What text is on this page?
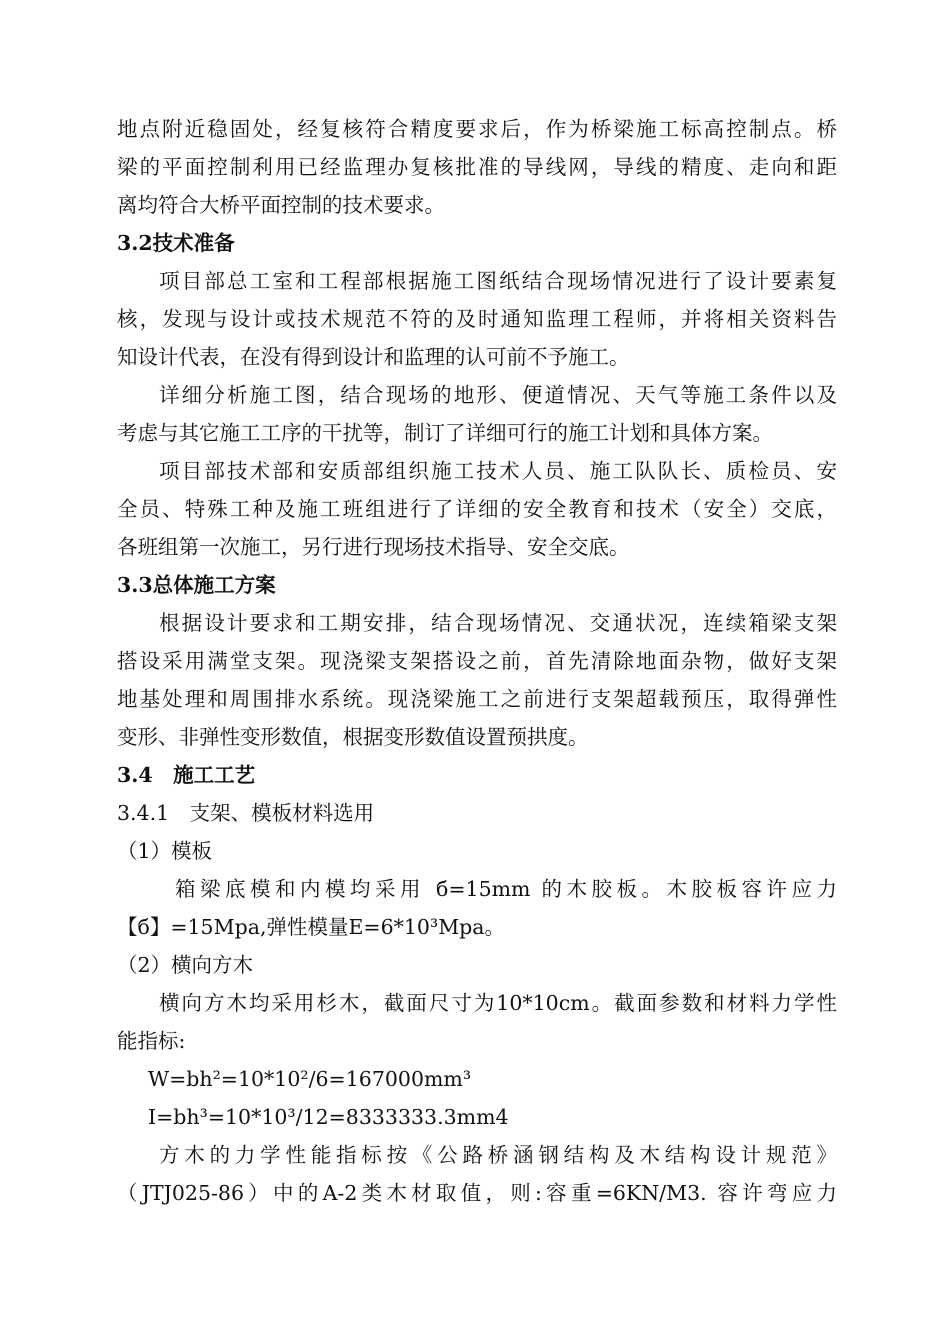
地点附近稳固处，经复核符合精度要求后，作为桥梁施工标高控制点。桥
梁的平面控制利用已经监理办复核批准的导线网，导线的精度、走向和距
离均符合大桥平面控制的技术要求。
3.2技术准备
项目部总工室和工程部根据施工图纸结合现场情况进行了设计要素复
核，发现与设计或技术规范不符的及时通知监理工程师，并将相关资料告
知设计代表，在没有得到设计和监理的认可前不予施工。
详细分析施工图，结合现场的地形、便道情况、天气等施工条件以及
考虑与其它施工工序的干扰等，制订了详细可行的施工计划和具体方案。
项目部技术部和安质部组织施工技术人员、施工队队长、质检员、安
全员、特殊工种及施工班组进行了详细的安全教育和技术（安全）交底，
各班组第一次施工，另行进行现场技术指导、安全交底。
3.3总体施工方案
根据设计要求和工期安排，结合现场情况、交通状况，连续箱梁支架
搭设采用满堂支架。现浇梁支架搭设之前，首先清除地面杂物，做好支架
地基处理和周围排水系统。现浇梁施工之前进行支架超载预压，取得弹性
变形、非弹性变形数值，根据变形数值设置预拱度。
3.4　施工工艺
3.4.1　支架、模板材料选用
（1）模板
箱梁底模和内模均采用 б=15mm 的木胶板。木胶板容许应力
【б】=15Mpa,弹性模量E=6*10³Mpa。
（2）横向方木
横向方木均采用杉木，截面尺寸为10*10cm。截面参数和材料力学性
能指标:
W=bh²=10*10²/6=167000mm³
I=bh³=10*10³/12=8333333.3mm4
方木的力学性能指标按《公路桥涵钢结构及木结构设计规范》
（JTJ025-86）中的A-2类木材取值，则:容重=6KN/M3. 容许弯应力
